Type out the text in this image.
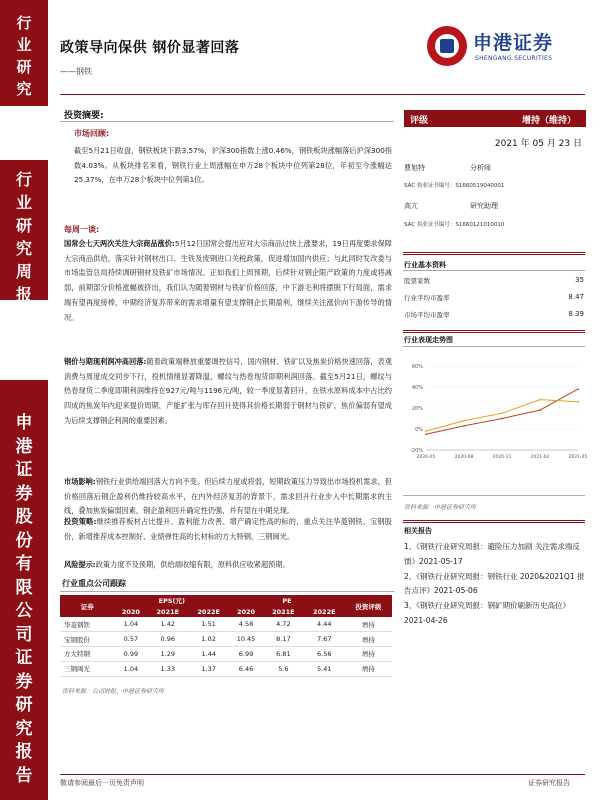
行
业
研
究
行
业
研
究
周
报
申
港
证
券
股
份
有
限
公
司
证
券
研
究
报
告
政策导向保供 钢价显著回落
——钢铁
申港证券
SHENGANG SECURITIES
投资摘要:
市场回顾:
截至5月21日收盘，钢铁板块下跌3.57%，沪深300指数上涨0.46%，钢铁板块涨幅落后沪深300指数4.03%。从板块排名来看，钢铁行业上周涨幅在申万28个板块中位列第28位，年初至今涨幅达25.37%，在申万28个板块中位列第1位。
每周一谈:
国常会七天两次关注大宗商品涨价:5月12日国常会提出应对大宗商品过快上涨要求，19日再度要求保障大宗商品供给，落实针对钢材出口、生铁及废钢进口关税政策，促进增加国内供应；与此同时发改委与市场监管总局持续调研钢材及铁矿市场情况。正如我们上周预期，后续针对钢企限产政策的力度或将减弱，前期部分价格涨幅被挤出，我们认为随着钢材与铁矿价格回落，中下游毛利将摆脱下行局面，需求端有望再度接棒，中期经济复苏带来的需求增量有望支撑钢企长期盈利，继续关注涨价向下游传导的情况。
钢价与期现利润冲高回落:随着政策端释放重要调控信号，国内钢材、铁矿以及焦炭价格快速回落，表观消费与周度成交同步下行，投机情绪显著降温，螺纹与热卷现货即期利润回落。截至5月21日，螺纹与热卷现货二季度即期利润维持在927元/吨与1196元/吨，较一季度显著回升，在铁水原料成本中占比约四成的焦炭年内迎来提价周期，产能扩张与库存回升使得其价格长期弱于钢材与铁矿，焦价偏弱有望成为后续支撑钢企利润的重要因素。
市场影响:钢铁行业供给端回落大方向不变，但后续力度或将弱，短期政策压力导致出市场投机需求，但价格回落后钢企盈利仍维持较高水平，在内外经济复苏的背景下，需求回升行业步入中长期需求的主线，叠加焦炭偏弱因素，钢企盈利回升确定性仍强，并有望在中期兑现。
投资策略:继续推荐板材占比提升、盈利能力改善、增产确定性高的标的，重点关注华菱钢铁、宝钢股份，新增推荐成本控制好、业绩弹性高的长材标的方大特钢、三钢闽光。
风险提示:政策力度不及预期，供给端收缩有限，原料供应收紧超预期。
行业重点公司跟踪
证券	EPS(元)			PE			投资评级
	2020	2021E	2022E	2020	2021E	2022E	
华菱钢铁	1.04	1.42	1.51	4.58	4.72	4.44	增持
宝钢股份	0.57	0.96	1.02	10.45	8.17	7.67	增持
方大特钢	0.99	1.29	1.44	6.99	6.81	6.56	增持
三钢闽光	1.04	1.33	1.37	6.46	5.6	5.41	增持
资料来源：公司财报、申港证券研究所
评级	增持（维持）
2021 年 05 月 23 日
曹旭特	分析师
SAC 执业证书编号：S1660519040001
高亢	研究助理
SAC 执业证书编号：S1660121010010
行业基本资料
股票家数	35
行业平均市盈率	8.47
市场平均市盈率	8.39
行业表现走势图
-20%
0%
20%
40%
60%
2020-05	2020-08	2020-11	2021-02	2021-05
资料来源：申港证券研究所
相关报告
1、《钢铁行业研究周报：避险压力加剧 关注需求端反馈》2021-05-17
2、《钢铁行业研究周报：钢铁行业 2020&2021Q1 报告点评》2021-05-06
3、《钢铁行业研究周报：钢矿期价刷新历史高位》2021-04-26
敬请参阅最后一页免责声明	证券研究报告
